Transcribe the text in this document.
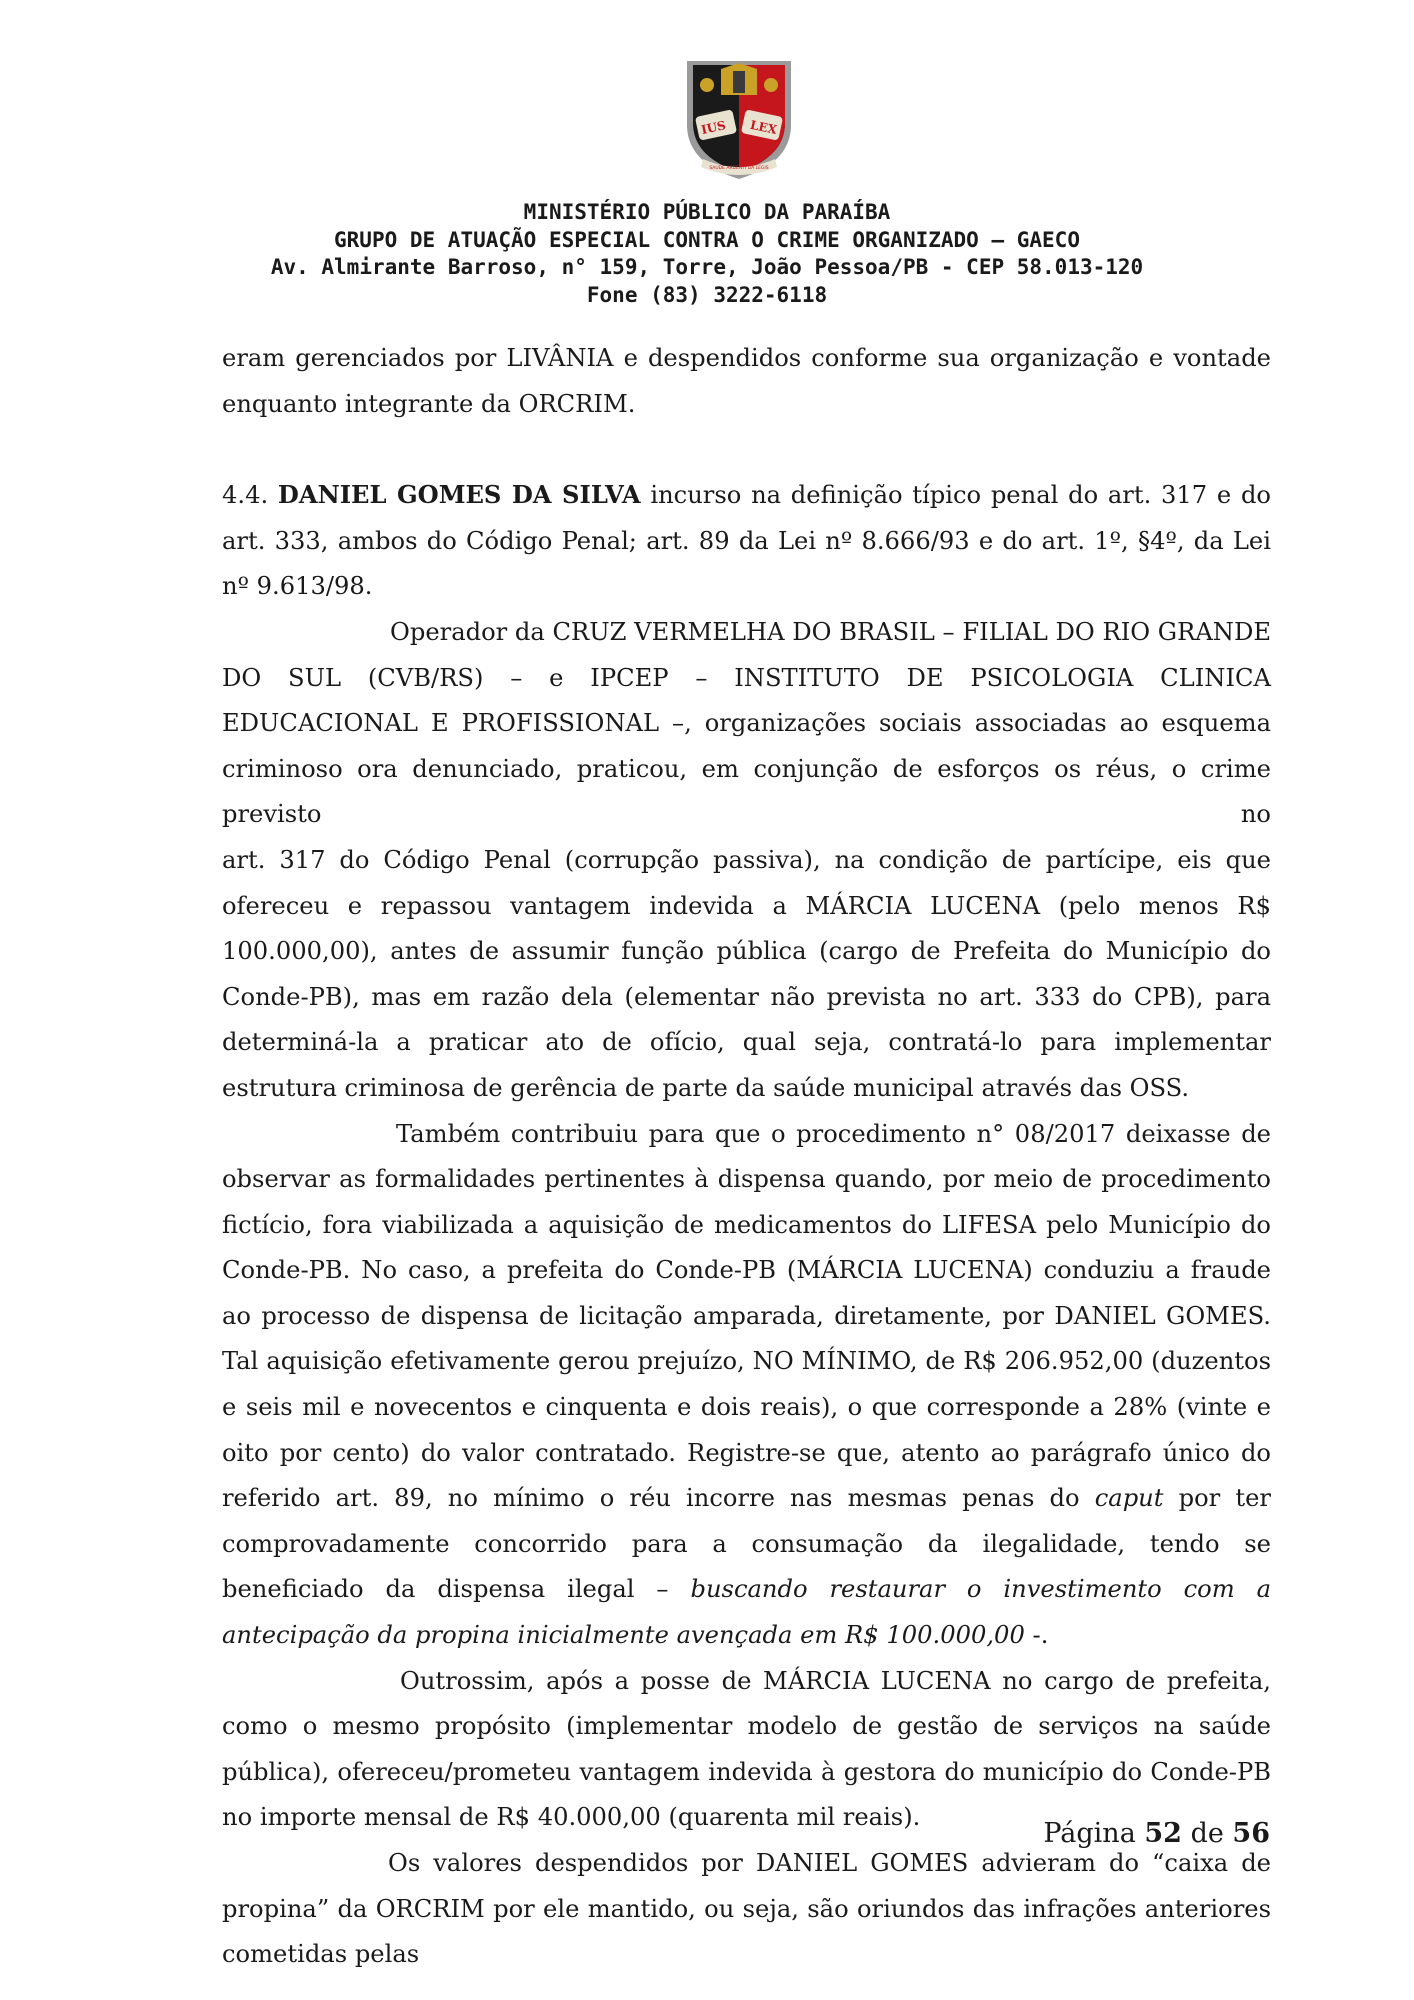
IUS LEX
SAUDE ARDENTI DA LEGIS
MINISTÉRIO PÚBLICO DA PARAÍBA
GRUPO DE ATUAÇÃO ESPECIAL CONTRA O CRIME ORGANIZADO – GAECO
Av. Almirante Barroso, n° 159, Torre, João Pessoa/PB - CEP 58.013-120
Fone (83) 3222-6118

eram gerenciados por LIVÂNIA e despendidos conforme sua organização e vontade enquanto integrante da ORCRIM.

4.4. DANIEL GOMES DA SILVA incurso na definição típico penal do art. 317 e do art. 333, ambos do Código Penal; art. 89 da Lei nº 8.666/93 e do art. 1º, §4º, da Lei nº 9.613/98.

Operador da CRUZ VERMELHA DO BRASIL – FILIAL DO RIO GRANDE DO SUL (CVB/RS) – e IPCEP – INSTITUTO DE PSICOLOGIA CLINICA EDUCACIONAL E PROFISSIONAL –, organizações sociais associadas ao esquema criminoso ora denunciado, praticou, em conjunção de esforços os réus, o crime previsto no

art. 317 do Código Penal (corrupção passiva), na condição de partícipe, eis que ofereceu e repassou vantagem indevida a MÁRCIA LUCENA (pelo menos R$ 100.000,00), antes de assumir função pública (cargo de Prefeita do Município do Conde-PB), mas em razão dela (elementar não prevista no art. 333 do CPB), para determiná-la a praticar ato de ofício, qual seja, contratá-lo para implementar estrutura criminosa de gerência de parte da saúde municipal através das OSS.

Também contribuiu para que o procedimento n° 08/2017 deixasse de observar as formalidades pertinentes à dispensa quando, por meio de procedimento fictício, fora viabilizada a aquisição de medicamentos do LIFESA pelo Município do Conde-PB. No caso, a prefeita do Conde-PB (MÁRCIA LUCENA) conduziu a fraude ao processo de dispensa de licitação amparada, diretamente, por DANIEL GOMES. Tal aquisição efetivamente gerou prejuízo, NO MÍNIMO, de R$ 206.952,00 (duzentos e seis mil e novecentos e cinquenta e dois reais), o que corresponde a 28% (vinte e oito por cento) do valor contratado. Registre-se que, atento ao parágrafo único do referido art. 89, no mínimo o réu incorre nas mesmas penas do caput por ter comprovadamente concorrido para a consumação da ilegalidade, tendo se beneficiado da dispensa ilegal – buscando restaurar o investimento com a antecipação da propina inicialmente avençada em R$ 100.000,00 -.

Outrossim, após a posse de MÁRCIA LUCENA no cargo de prefeita, como o mesmo propósito (implementar modelo de gestão de serviços na saúde pública), ofereceu/prometeu vantagem indevida à gestora do município do Conde-PB no importe mensal de R$ 40.000,00 (quarenta mil reais).

Os valores despendidos por DANIEL GOMES advieram do “caixa de propina” da ORCRIM por ele mantido, ou seja, são oriundos das infrações anteriores cometidas pelas

Página 52 de 56
